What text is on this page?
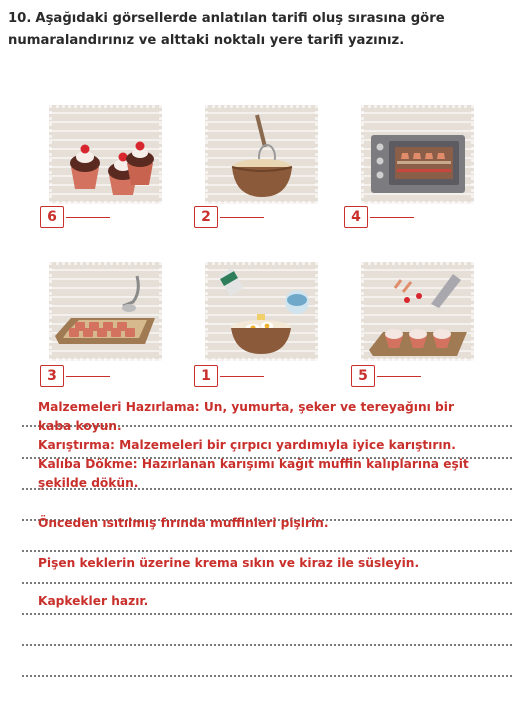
10. Aşağıdaki görsellerde anlatılan tarifi oluş sırasına göre numaralandırınız ve alttaki noktalı yere tarifi yazınız.
6	2	4
3	1	5
Malzemeleri Hazırlama: Un, yumurta, şeker ve tereyağını bir kaba koyun.
Karıştırma: Malzemeleri bir çırpıcı yardımıyla iyice karıştırın.
Kalıba Dökme: Hazırlanan karışımı kağıt muffin kalıplarına eşit şekilde dökün.
Önceden ısıtılmış fırında muffinleri pişirin.
Pişen keklerin üzerine krema sıkın ve kiraz ile süsleyin.
Kapkekler hazır.
